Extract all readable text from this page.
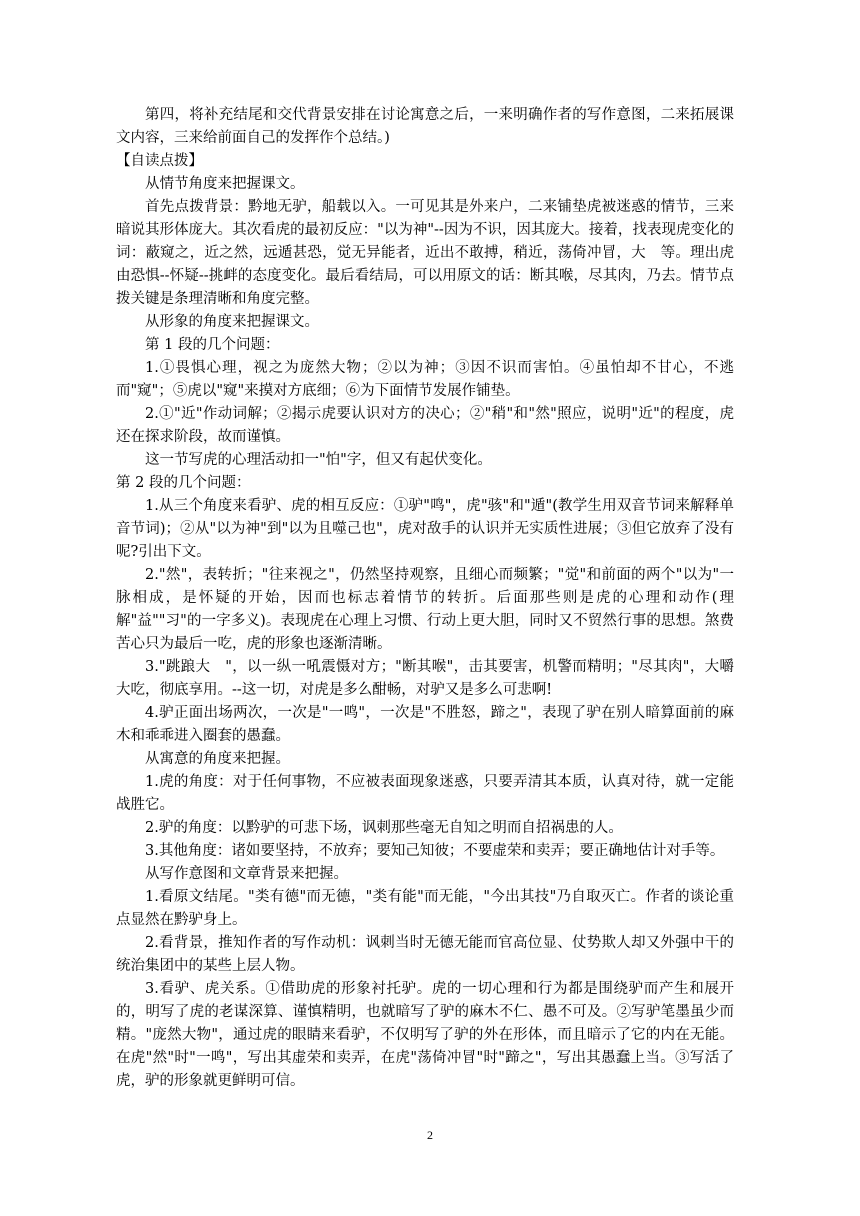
第四，将补充结尾和交代背景安排在讨论寓意之后，一来明确作者的写作意图，二来拓展课文内容，三来给前面自己的发挥作个总结。)

【自读点拨】

从情节角度来把握课文。

首先点拨背景：黔地无驴，船载以入。一可见其是外来户，二来铺垫虎被迷惑的情节，三来暗说其形体庞大。其次看虎的最初反应："以为神"--因为不识，因其庞大。接着，找表现虎变化的词：蔽窥之，近之然，远遁甚恐，觉无异能者，近出不敢搏，稍近，荡倚冲冒，大　等。理出虎由恐惧--怀疑--挑衅的态度变化。最后看结局，可以用原文的话：断其喉，尽其肉，乃去。情节点拨关键是条理清晰和角度完整。

从形象的角度来把握课文。

第 1 段的几个问题：

1.①畏惧心理，视之为庞然大物；②以为神；③因不识而害怕。④虽怕却不甘心，不逃而"窥"；⑤虎以"窥"来摸对方底细；⑥为下面情节发展作铺垫。

2.①"近"作动词解；②揭示虎要认识对方的决心；②"稍"和"然"照应，说明"近"的程度，虎还在探求阶段，故而谨慎。

这一节写虎的心理活动扣一"怕"字，但又有起伏变化。

第 2 段的几个问题：

1.从三个角度来看驴、虎的相互反应：①驴"鸣"，虎"骇"和"遁"(教学生用双音节词来解释单音节词)；②从"以为神"到"以为且噬己也"，虎对敌手的认识并无实质性进展；③但它放弃了没有呢?引出下文。

2."然"，表转折；"往来视之"，仍然坚持观察，且细心而频繁；"觉"和前面的两个"以为"一脉相成，是怀疑的开始，因而也标志着情节的转折。后面那些则是虎的心理和动作(理解"益""习"的一字多义)。表现虎在心理上习惯、行动上更大胆，同时又不贸然行事的思想。煞费苦心只为最后一吃，虎的形象也逐渐清晰。

3."跳踉大　"，以一纵一吼震慑对方；"断其喉"，击其要害，机警而精明；"尽其肉"，大嚼大吃，彻底享用。--这一切，对虎是多么酣畅，对驴又是多么可悲啊!

4.驴正面出场两次，一次是"一鸣"，一次是"不胜怒，蹄之"，表现了驴在别人暗算面前的麻木和乖乖进入圈套的愚蠢。

从寓意的角度来把握。

1.虎的角度：对于任何事物，不应被表面现象迷惑，只要弄清其本质，认真对待，就一定能战胜它。

2.驴的角度：以黔驴的可悲下场，讽刺那些毫无自知之明而自招祸患的人。

3.其他角度：诸如要坚持，不放弃；要知己知彼；不要虚荣和卖弄；要正确地估计对手等。

从写作意图和文章背景来把握。

1.看原文结尾。"类有德"而无德，"类有能"而无能，"今出其技"乃自取灭亡。作者的谈论重点显然在黔驴身上。

2.看背景，推知作者的写作动机：讽刺当时无德无能而官高位显、仗势欺人却又外强中干的统治集团中的某些上层人物。

3.看驴、虎关系。①借助虎的形象衬托驴。虎的一切心理和行为都是围绕驴而产生和展开的，明写了虎的老谋深算、谨慎精明，也就暗写了驴的麻木不仁、愚不可及。②写驴笔墨虽少而精。"庞然大物"，通过虎的眼睛来看驴，不仅明写了驴的外在形体，而且暗示了它的内在无能。在虎"然"时"一鸣"，写出其虚荣和卖弄，在虎"荡倚冲冒"时"蹄之"，写出其愚蠢上当。③写活了虎，驴的形象就更鲜明可信。

2
